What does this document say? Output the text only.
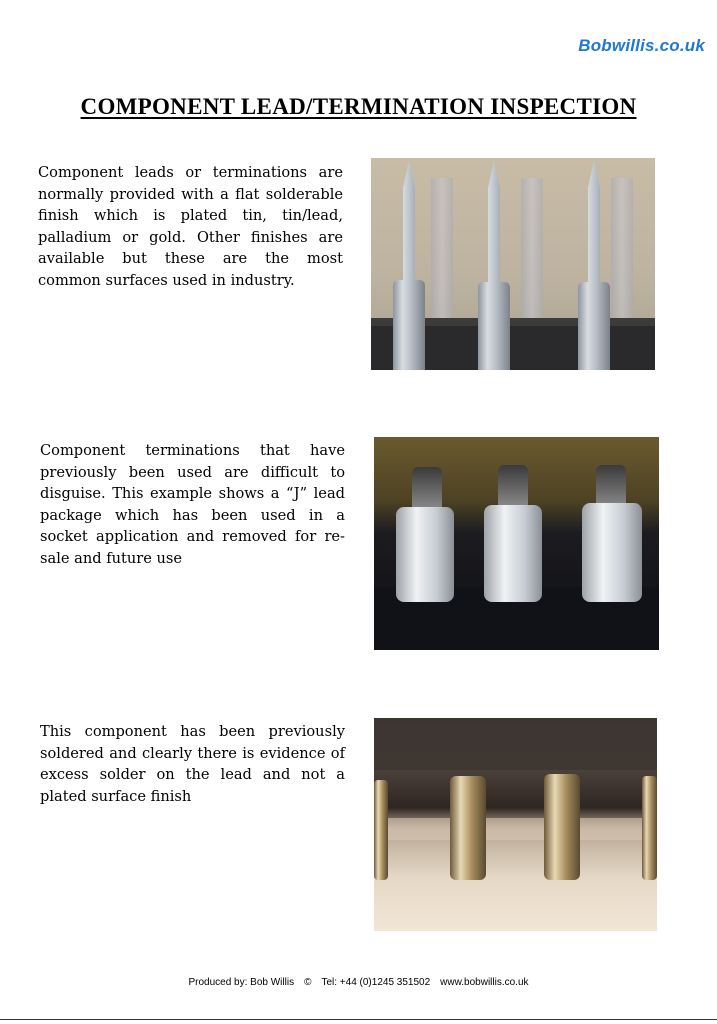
Bobwillis.co.uk
COMPONENT LEAD/TERMINATION INSPECTION
Component leads or terminations are normally provided with a flat solderable finish which is plated tin, tin/lead, palladium or gold. Other finishes are available but these are the most common surfaces used in industry.
Component terminations that have previously been used are difficult to disguise. This example shows a “J” lead package which has been used in a socket application and removed for re-sale and future use
This component has been previously soldered and clearly there is evidence of excess solder on the lead and not a plated surface finish
Produced by: Bob Willis © Tel: +44 (0)1245 351502 www.bobwillis.co.uk
